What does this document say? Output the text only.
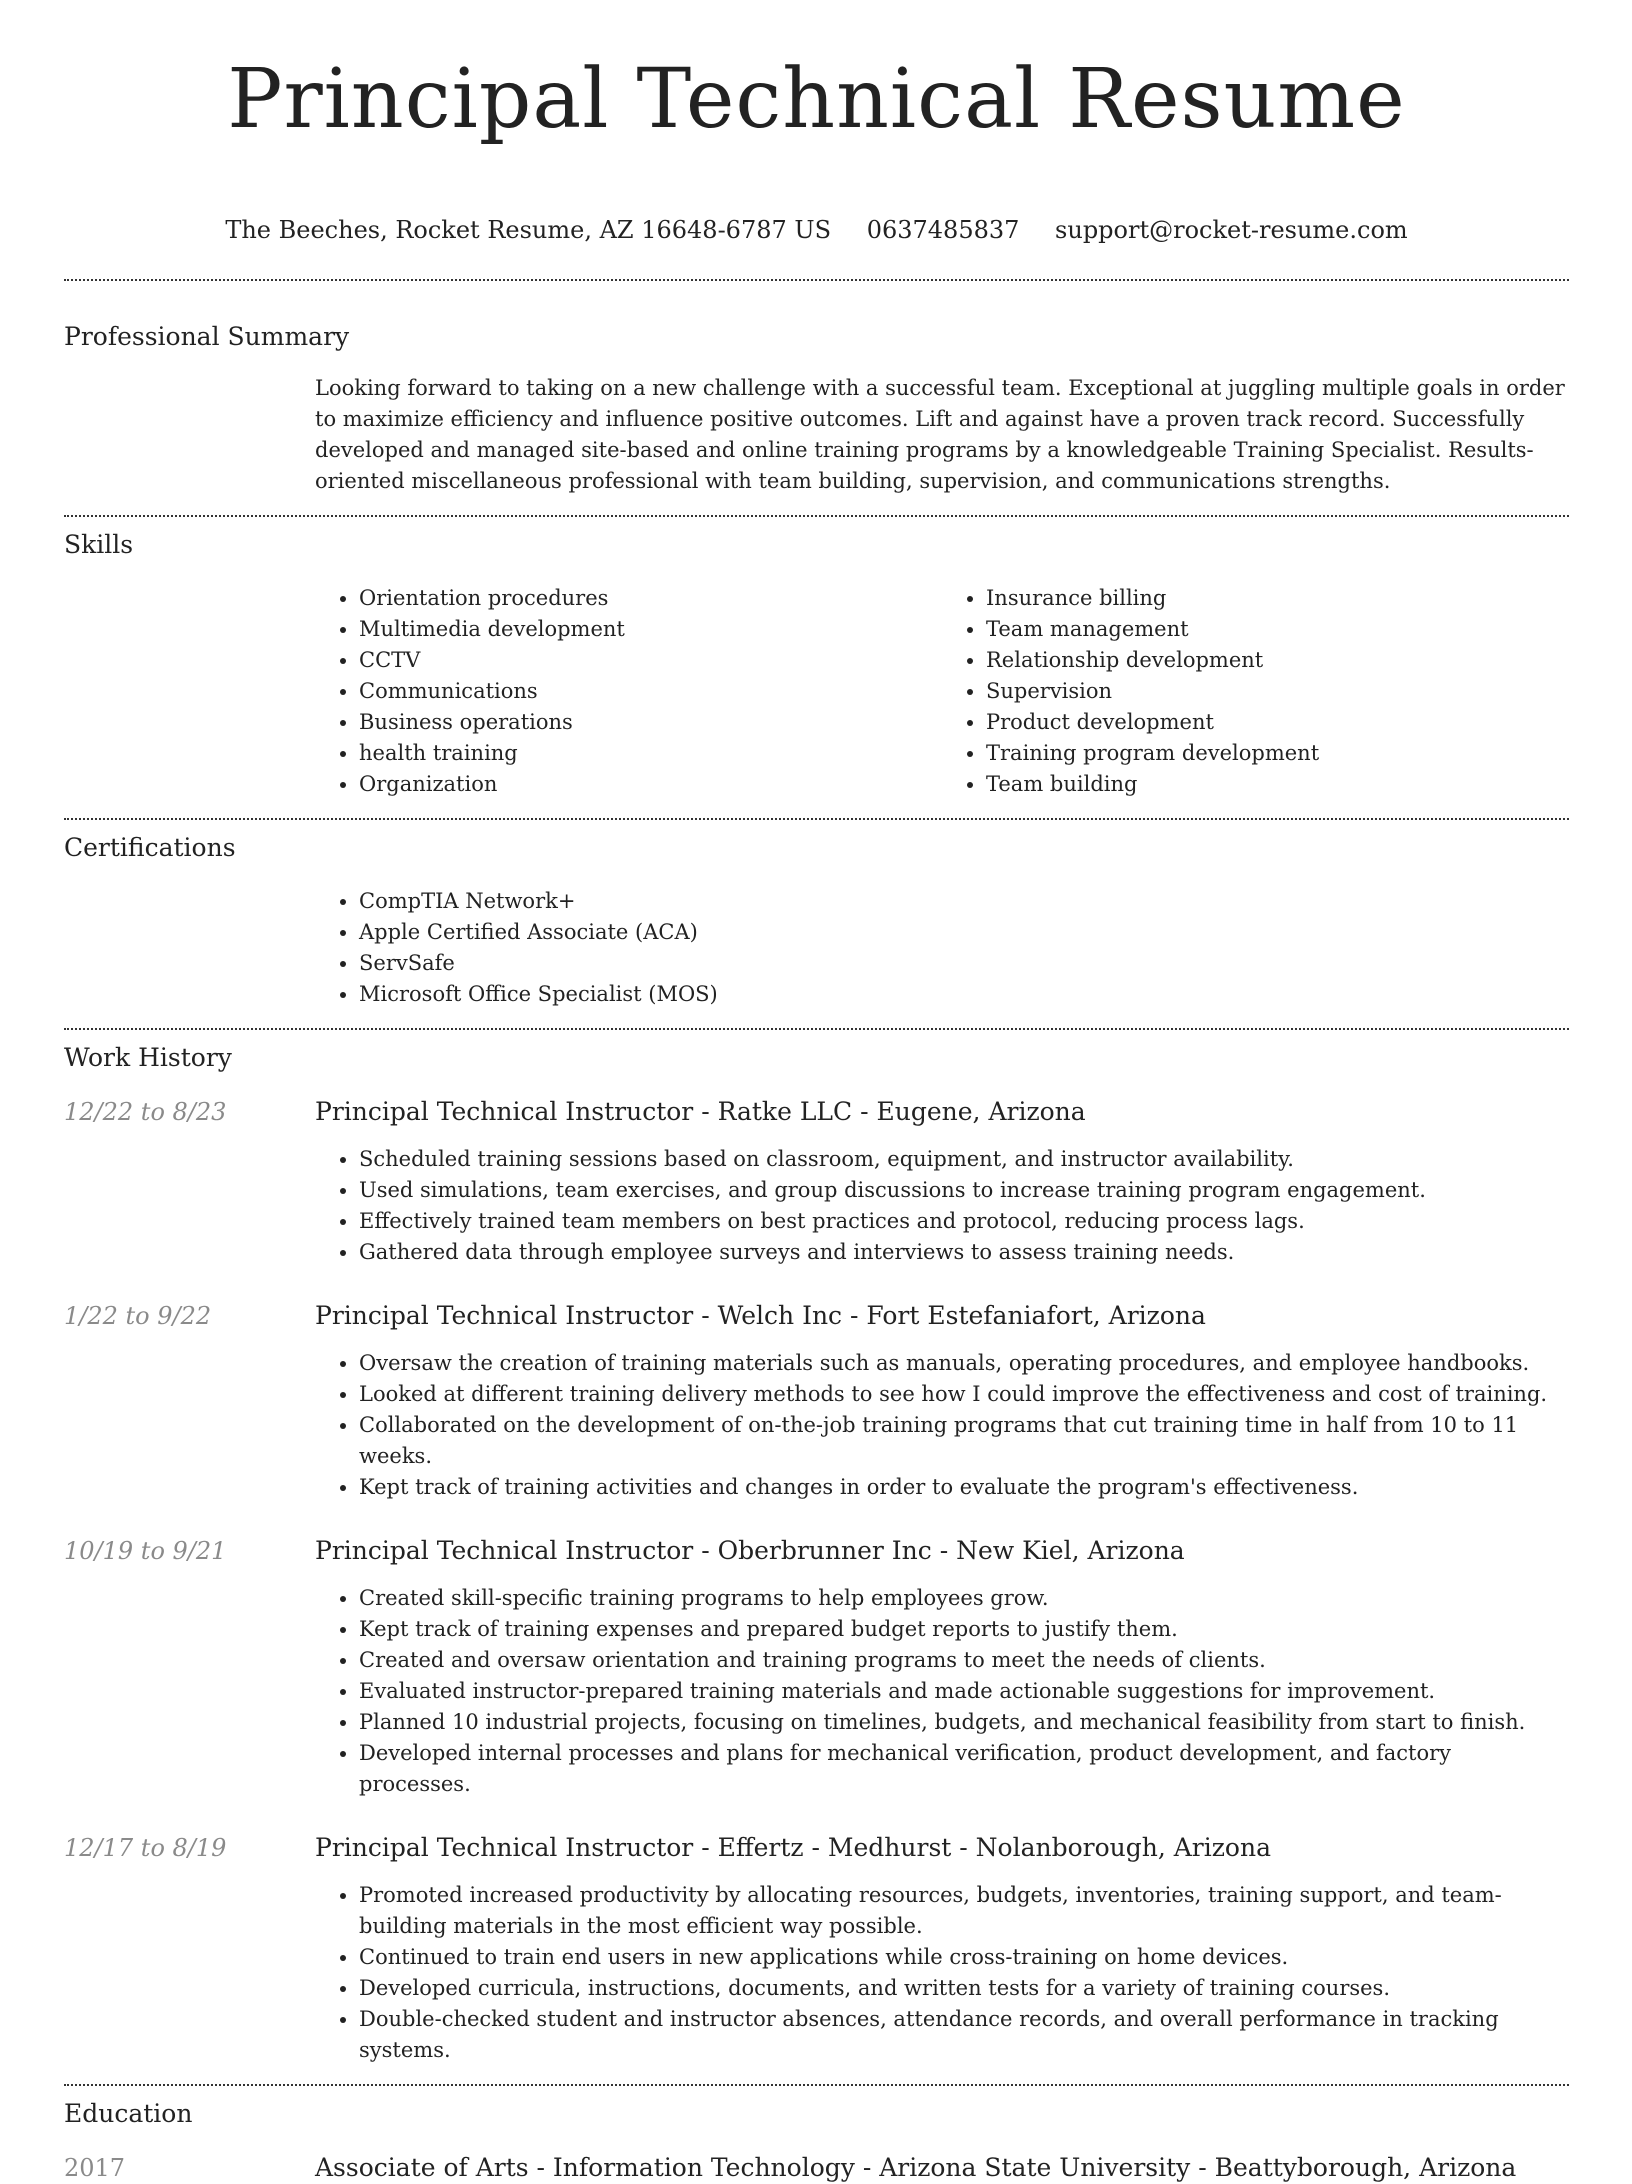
Principal Technical Resume
The Beeches, Rocket Resume, AZ 16648-6787 US 0637485837 support@rocket-resume.com
Professional Summary

Looking forward to taking on a new challenge with a successful team. Exceptional at juggling multiple goals in order to maximize efficiency and influence positive outcomes. Lift and against have a proven track record. Successfully developed and managed site-based and online training programs by a knowledgeable Training Specialist. Results-oriented miscellaneous professional with team building, supervision, and communications strengths.

Skills
• Orientation procedures
• Multimedia development
• CCTV
• Communications
• Business operations
• health training
• Organization
• Insurance billing
• Team management
• Relationship development
• Supervision
• Product development
• Training program development
• Team building
Certifications
• CompTIA Network+
• Apple Certified Associate (ACA)
• ServSafe
• Microsoft Office Specialist (MOS)
Work History
12/22 to 8/23	Principal Technical Instructor - Ratke LLC - Eugene, Arizona
• Scheduled training sessions based on classroom, equipment, and instructor availability.
• Used simulations, team exercises, and group discussions to increase training program engagement.
• Effectively trained team members on best practices and protocol, reducing process lags.
• Gathered data through employee surveys and interviews to assess training needs.
1/22 to 9/22	Principal Technical Instructor - Welch Inc - Fort Estefaniafort, Arizona
• Oversaw the creation of training materials such as manuals, operating procedures, and employee handbooks.
• Looked at different training delivery methods to see how I could improve the effectiveness and cost of training.
• Collaborated on the development of on-the-job training programs that cut training time in half from 10 to 11 weeks.
• Kept track of training activities and changes in order to evaluate the program's effectiveness.
10/19 to 9/21	Principal Technical Instructor - Oberbrunner Inc - New Kiel, Arizona
• Created skill-specific training programs to help employees grow.
• Kept track of training expenses and prepared budget reports to justify them.
• Created and oversaw orientation and training programs to meet the needs of clients.
• Evaluated instructor-prepared training materials and made actionable suggestions for improvement.
• Planned 10 industrial projects, focusing on timelines, budgets, and mechanical feasibility from start to finish.
• Developed internal processes and plans for mechanical verification, product development, and factory processes.
12/17 to 8/19	Principal Technical Instructor - Effertz - Medhurst - Nolanborough, Arizona
• Promoted increased productivity by allocating resources, budgets, inventories, training support, and team-building materials in the most efficient way possible.
• Continued to train end users in new applications while cross-training on home devices.
• Developed curricula, instructions, documents, and written tests for a variety of training courses.
• Double-checked student and instructor absences, attendance records, and overall performance in tracking systems.
Education
2017	Associate of Arts - Information Technology - Arizona State University - Beattyborough, Arizona
